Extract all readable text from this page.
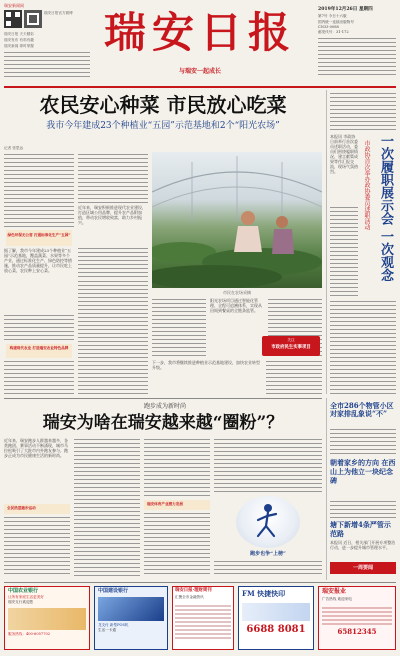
瑞安新闻网
瑞安日报官方微博
瑞安日报 天天精彩
瑞安发布 有料有趣
瑞安新闻 即时掌握	瑞安日报
与瑞安一起成长
2019年12月26日 星期四
第7号 今日十六版
国内统一连续出版物号
CN33-0088
邮发代号：31-172
农民安心种菜 市民放心吃菜
我市今年建成23个种植业“五园”示范基地和2个“阳光农场”
记者 张思远
绿色环保无公害 打通标准化生产“五园”
据了解，我市今年建成23个种植业“五园”示范基地，覆盖蔬菜、水果等多个产业，通过标准化生产、绿色防控等措施，推动农产品质量提升，让市民吃上放心菜，农民种上安心菜。
构建现代农业 打造瑞安农业特色品牌
近年来，瑞安积极推进现代农业建设，打造区域公用品牌，提升农产品附加值，带动农民增收致富，助力乡村振兴。
市民在农场采摘
阳光农场项目通过智能化管理、全程可追溯体系，实现从田间到餐桌的全链条监管。
下一步，我市将继续推进种植业示范基地建设，加快农业转型升级。
关注
市政府民生实事项目
一次履职展示会 一次观念
市政协首次举办政协委员述职活动
本报讯 市政协日前举行首次委员述职活动，委员们围绕履职情况、建言献策成果等作汇报交流，现场气氛热烈。
跑步成为新时尚
瑞安为啥在瑞安越来越“圈粉”？
近年来，瑞安跑步人群越来越多，各类跑团、赛事活动不断涌现，城市马拉松吸引了大批市内外跑友参与，跑步正成为市民健康生活的新时尚。
全民热爱跑步运动
瑞安体育产业潜力发展
跑步也争“上榜”
全市286个物管小区对家排乱象说“不”
朝着家乡的方向 在西山上为他立一块纪念碑
塘下新增4条严管示范路
本报讯 近日，相关部门开展专项整治行动，进一步提升城市管理水平。
一周要闻
中国农业银行
让所有家庭生活更美好
瑞安支行欢迎您
服务热线：400-6057702
中国建设银行
龙支付 新型POS机
生活一卡通
瑞安日报·理财周刊
汇聚全市金融资讯	FM 快捷快印
6688 8081
瑞安报业
广告热线 欢迎来电
65812345
